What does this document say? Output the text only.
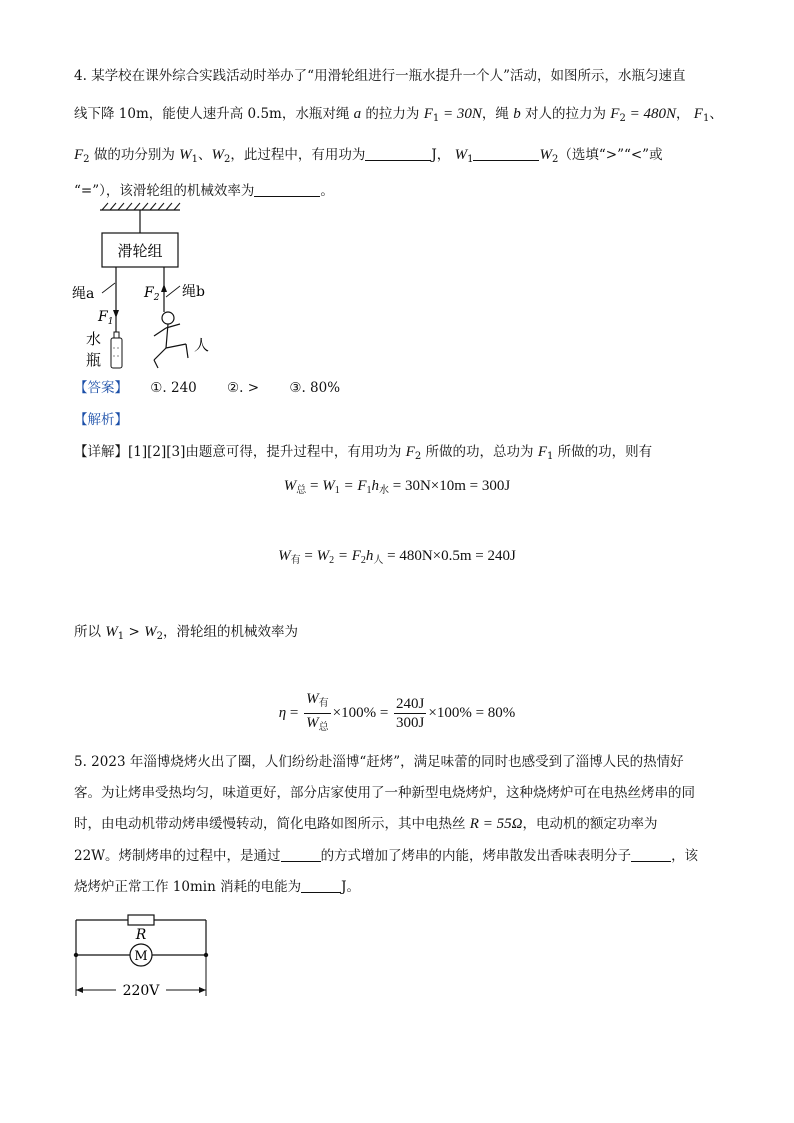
4. 某学校在课外综合实践活动时举办了“用滑轮组进行一瓶水提升一个人”活动，如图所示，水瓶匀速直
线下降 10m，能使人速升高 0.5m，水瓶对绳 a 的拉力为 $F_1 = 30N$，绳 b 对人的拉力为 $F_2 = 480N$， $F_1$、
$F_2$ 做的功分别为 $W_1$、$W_2$，此过程中，有用功为	J， $W_1$	$W_2$（选填“>”“<”或
“=”），该滑轮组的机械效率为	。
滑轮组
绳a
$F_1$
水
瓶
绳b
$F_2$
人
【答案】 ①. 240 ②. > ③. 80%
【解析】
【详解】[1][2][3]由题意可得，提升过程中，有用功为 $F_2$ 所做的功，总功为 $F_1$ 所做的功，则有
$W_总 = W_1 = F_1h_水 = 30N\times 10m = 300J$
$W_有 = W_2 = F_2h_人 = 480N\times 0.5m = 240J$
所以 $W_1 > W_2$，滑轮组的机械效率为
$\eta = \frac{W_有}{W_总} \times 100\% = \frac{240J}{300J} \times 100\% = 80\%$
5. 2023 年淄博烧烤火出了圈，人们纷纷赴淄博“赶烤”，满足味蕾的同时也感受到了淄博人民的热情好
客。为让烤串受热均匀，味道更好，部分店家使用了一种新型电烧烤炉，这种烧烤炉可在电热丝烤串的同
时，由电动机带动烤串缓慢转动，简化电路如图所示，其中电热丝 R = 55Ω，电动机的额定功率为
22W。烤制烤串的过程中，是通过	的方式增加了烤串的内能，烤串散发出香味表明分子	，该
烧烤炉正常工作 10min 消耗的电能为	J。
R
M
220V
